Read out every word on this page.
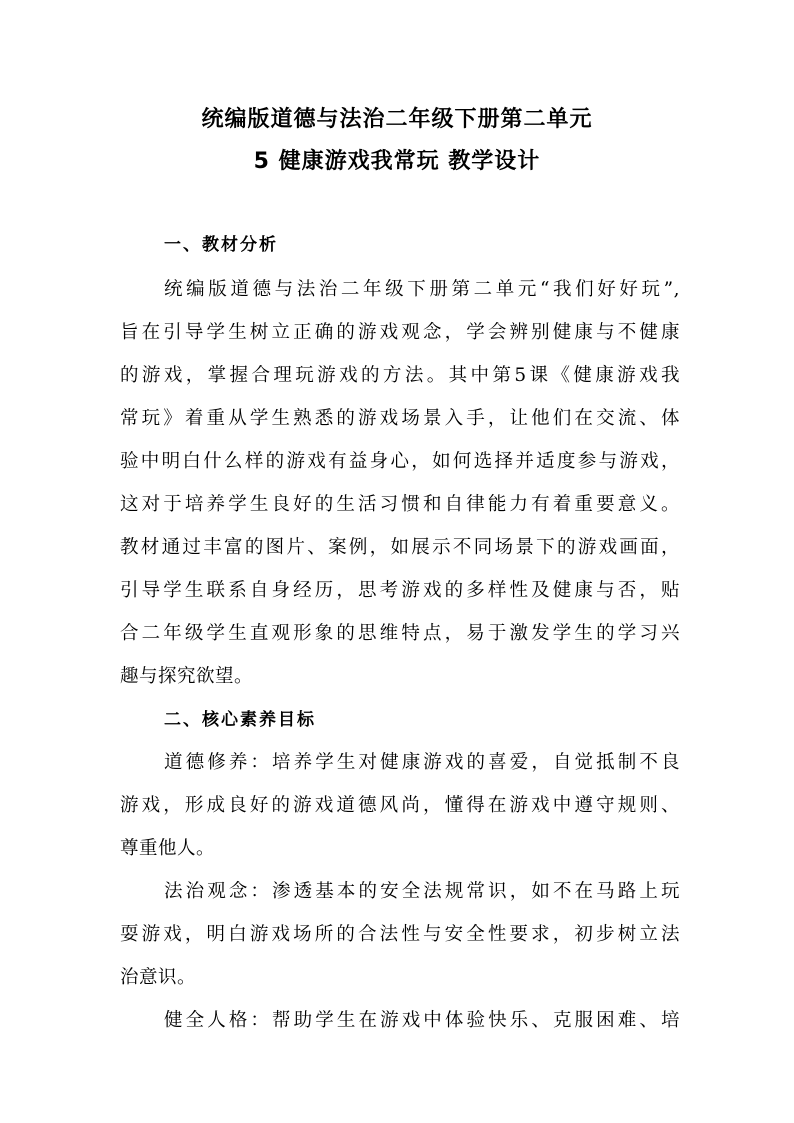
统编版道德与法治二年级下册第二单元
5 健康游戏我常玩 教学设计
一、教材分析
统编版道德与法治二年级下册第二单元“我们好好玩”,
旨在引导学生树立正确的游戏观念，学会辨别健康与不健康
的游戏，掌握合理玩游戏的方法。其中第5课《健康游戏我
常玩》着重从学生熟悉的游戏场景入手，让他们在交流、体
验中明白什么样的游戏有益身心，如何选择并适度参与游戏，
这对于培养学生良好的生活习惯和自律能力有着重要意义。
教材通过丰富的图片、案例，如展示不同场景下的游戏画面，
引导学生联系自身经历，思考游戏的多样性及健康与否，贴
合二年级学生直观形象的思维特点，易于激发学生的学习兴
趣与探究欲望。
二、核心素养目标
道德修养：培养学生对健康游戏的喜爱，自觉抵制不良
游戏，形成良好的游戏道德风尚，懂得在游戏中遵守规则、
尊重他人。
法治观念：渗透基本的安全法规常识，如不在马路上玩
耍游戏，明白游戏场所的合法性与安全性要求，初步树立法
治意识。
健全人格：帮助学生在游戏中体验快乐、克服困难、培
